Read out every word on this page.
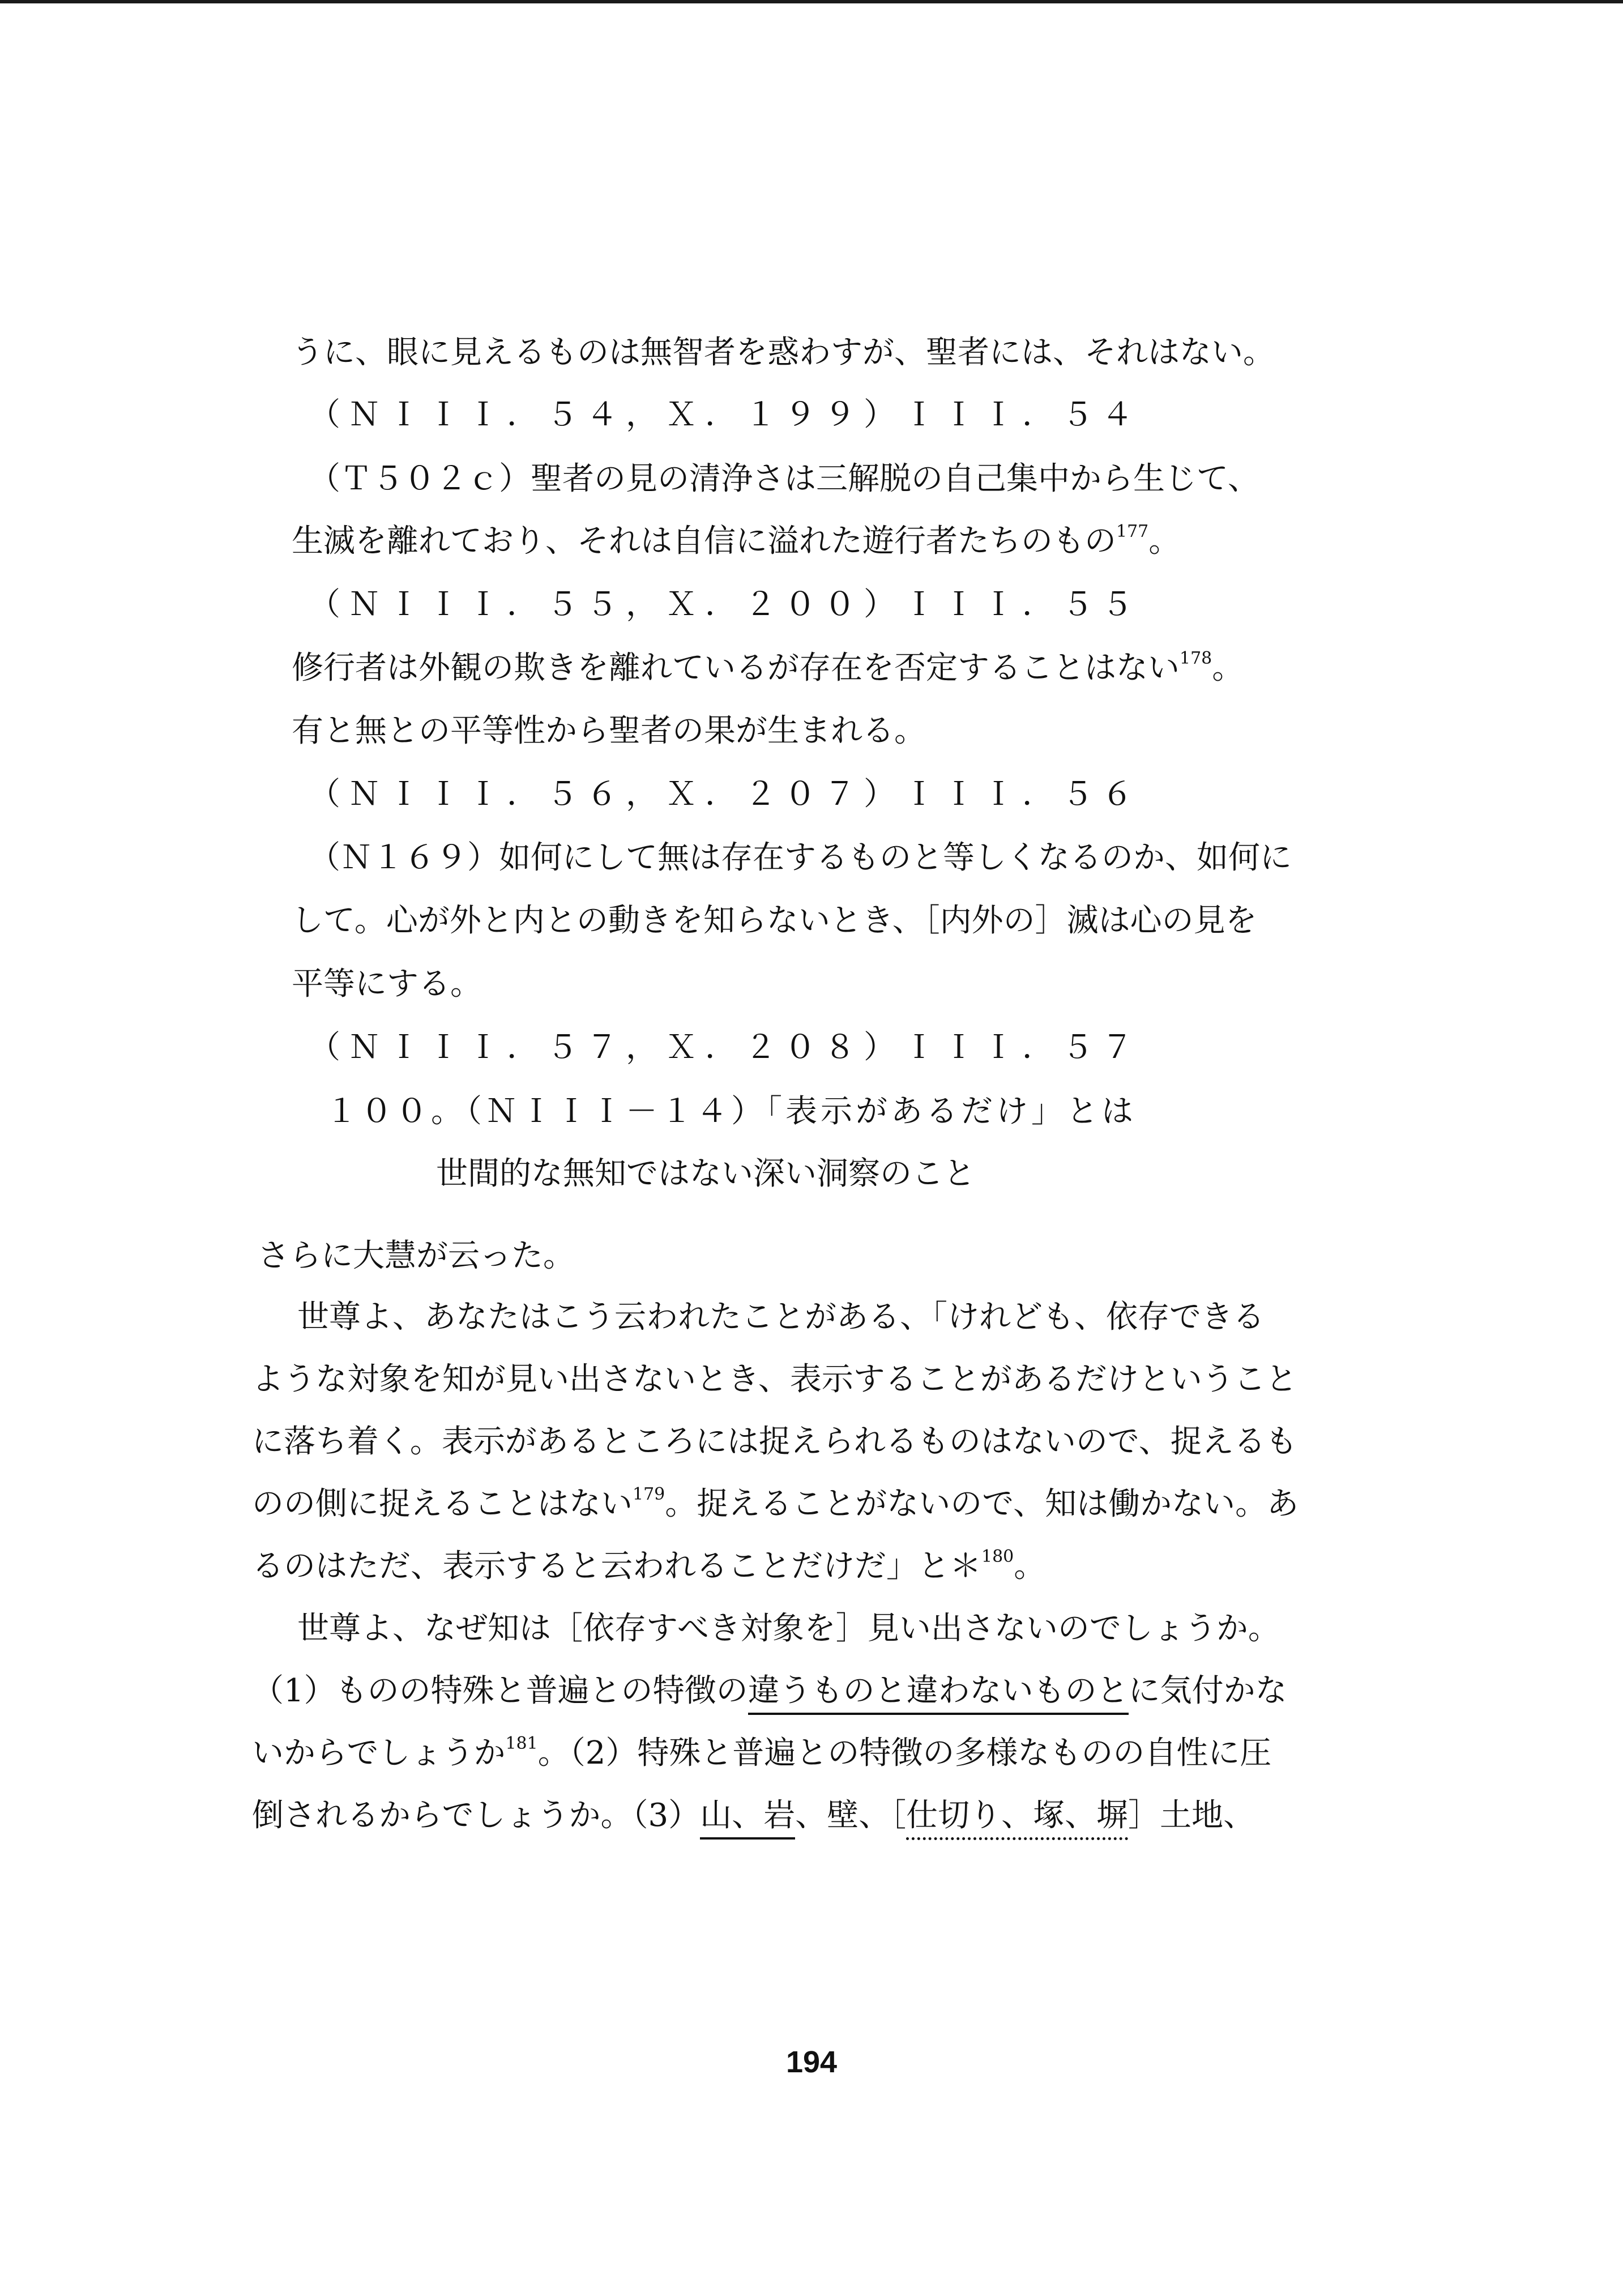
うに、眼に見えるものは無智者を惑わすが、聖者には、それはない。
（ＮＩＩＩ．５４，Ｘ．１９９）ＩＩＩ．５４
（Ｔ５０２ｃ）聖者の見の清浄さは三解脱の自己集中から生じて、
生滅を離れており、それは自信に溢れた遊行者たちのもの$^{177}$。
（ＮＩＩＩ．５５，Ｘ．２００）ＩＩＩ．５５
修行者は外観の欺きを離れているが存在を否定することはない$^{178}$。
有と無との平等性から聖者の果が生まれる。
（ＮＩＩＩ．５６，Ｘ．２０７）ＩＩＩ．５６
（Ｎ１６９）如何にして無は存在するものと等しくなるのか、如何に
して。心が外と内との動きを知らないとき、［内外の］滅は心の見を
平等にする。
（ＮＩＩＩ．５７，Ｘ．２０８）ＩＩＩ．５７
１００。（ＮＩＩＩ－１４）「表示があるだけ」とは
世間的な無知ではない深い洞察のこと
さらに大慧が云った。
世尊よ、あなたはこう云われたことがある、「けれども、依存できる
ような対象を知が見い出さないとき、表示することがあるだけということ
に落ち着く。表示があるところには捉えられるものはないので、捉えるも
のの側に捉えることはない$^{179}$。捉えることがないので、知は働かない。あ
るのはただ、表示すると云われることだけだ」と＊$^{180}$。
世尊よ、なぜ知は［依存すべき対象を］見い出さないのでしょうか。
（1）ものの特殊と普遍との特徴の違うものと違わないものとに気付かな
いからでしょうか$^{181}$。（2）特殊と普遍との特徴の多様なものの自性に圧
倒されるからでしょうか。（3）山、岩、壁、［仕切り、塚、塀］土地、
194
